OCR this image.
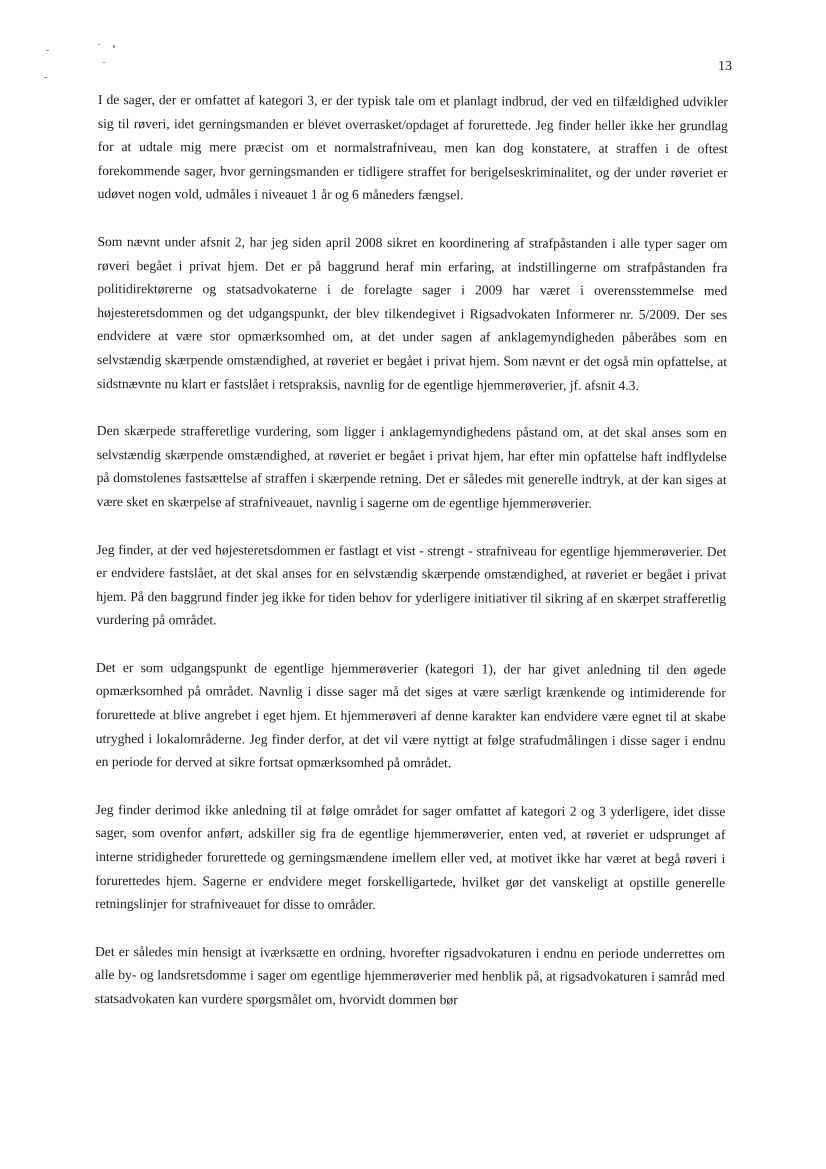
13

I de sager, der er omfattet af kategori 3, er der typisk tale om et planlagt indbrud, der ved en tilfældighed udvikler sig til røveri, idet gerningsmanden er blevet overrasket/opdaget af forurettede. Jeg finder heller ikke her grundlag for at udtale mig mere præcist om et normalstrafniveau, men kan dog konstatere, at straffen i de oftest forekommende sager, hvor gerningsmanden er tidligere straffet for berigelseskriminalitet, og der under røveriet er udøvet nogen vold, udmåles i niveauet 1 år og 6 måneders fængsel.

Som nævnt under afsnit 2, har jeg siden april 2008 sikret en koordinering af strafpåstanden i alle typer sager om røveri begået i privat hjem. Det er på baggrund heraf min erfaring, at indstillingerne om strafpåstanden fra politidirektørerne og statsadvokaterne i de forelagte sager i 2009 har været i overensstemmelse med højesteretsdommen og det udgangspunkt, der blev tilkendegivet i Rigsadvokaten Informerer nr. 5/2009. Der ses endvidere at være stor opmærksomhed om, at det under sagen af anklagemyndigheden påberåbes som en selvstændig skærpende omstændighed, at røveriet er begået i privat hjem. Som nævnt er det også min opfattelse, at sidstnævnte nu klart er fastslået i retspraksis, navnlig for de egentlige hjemmerøverier, jf. afsnit 4.3.

Den skærpede strafferetlige vurdering, som ligger i anklagemyndighedens påstand om, at det skal anses som en selvstændig skærpende omstændighed, at røveriet er begået i privat hjem, har efter min opfattelse haft indflydelse på domstolenes fastsættelse af straffen i skærpende retning. Det er således mit generelle indtryk, at der kan siges at være sket en skærpelse af strafniveauet, navnlig i sagerne om de egentlige hjemmerøverier.

Jeg finder, at der ved højesteretsdommen er fastlagt et vist - strengt - strafniveau for egentlige hjemmerøverier. Det er endvidere fastslået, at det skal anses for en selvstændig skærpende omstændighed, at røveriet er begået i privat hjem. På den baggrund finder jeg ikke for tiden behov for yderligere initiativer til sikring af en skærpet strafferetlig vurdering på området.

Det er som udgangspunkt de egentlige hjemmerøverier (kategori 1), der har givet anledning til den øgede opmærksomhed på området. Navnlig i disse sager må det siges at være særligt krænkende og intimiderende for forurettede at blive angrebet i eget hjem. Et hjemmerøveri af denne karakter kan endvidere være egnet til at skabe utryghed i lokalområderne. Jeg finder derfor, at det vil være nyttigt at følge strafudmålingen i disse sager i endnu en periode for derved at sikre fortsat opmærksomhed på området.

Jeg finder derimod ikke anledning til at følge området for sager omfattet af kategori 2 og 3 yderligere, idet disse sager, som ovenfor anført, adskiller sig fra de egentlige hjemmerøverier, enten ved, at røveriet er udsprunget af interne stridigheder forurettede og gerningsmændene imellem eller ved, at motivet ikke har været at begå røveri i forurettedes hjem. Sagerne er endvidere meget forskelligartede, hvilket gør det vanskeligt at opstille generelle retningslinjer for strafniveauet for disse to områder.

Det er således min hensigt at iværksætte en ordning, hvorefter rigsadvokaturen i endnu en periode underrettes om alle by- og landsretsdomme i sager om egentlige hjemmerøverier med henblik på, at rigsadvokaturen i samråd med statsadvokaten kan vurdere spørgsmålet om, hvorvidt dommen bør
